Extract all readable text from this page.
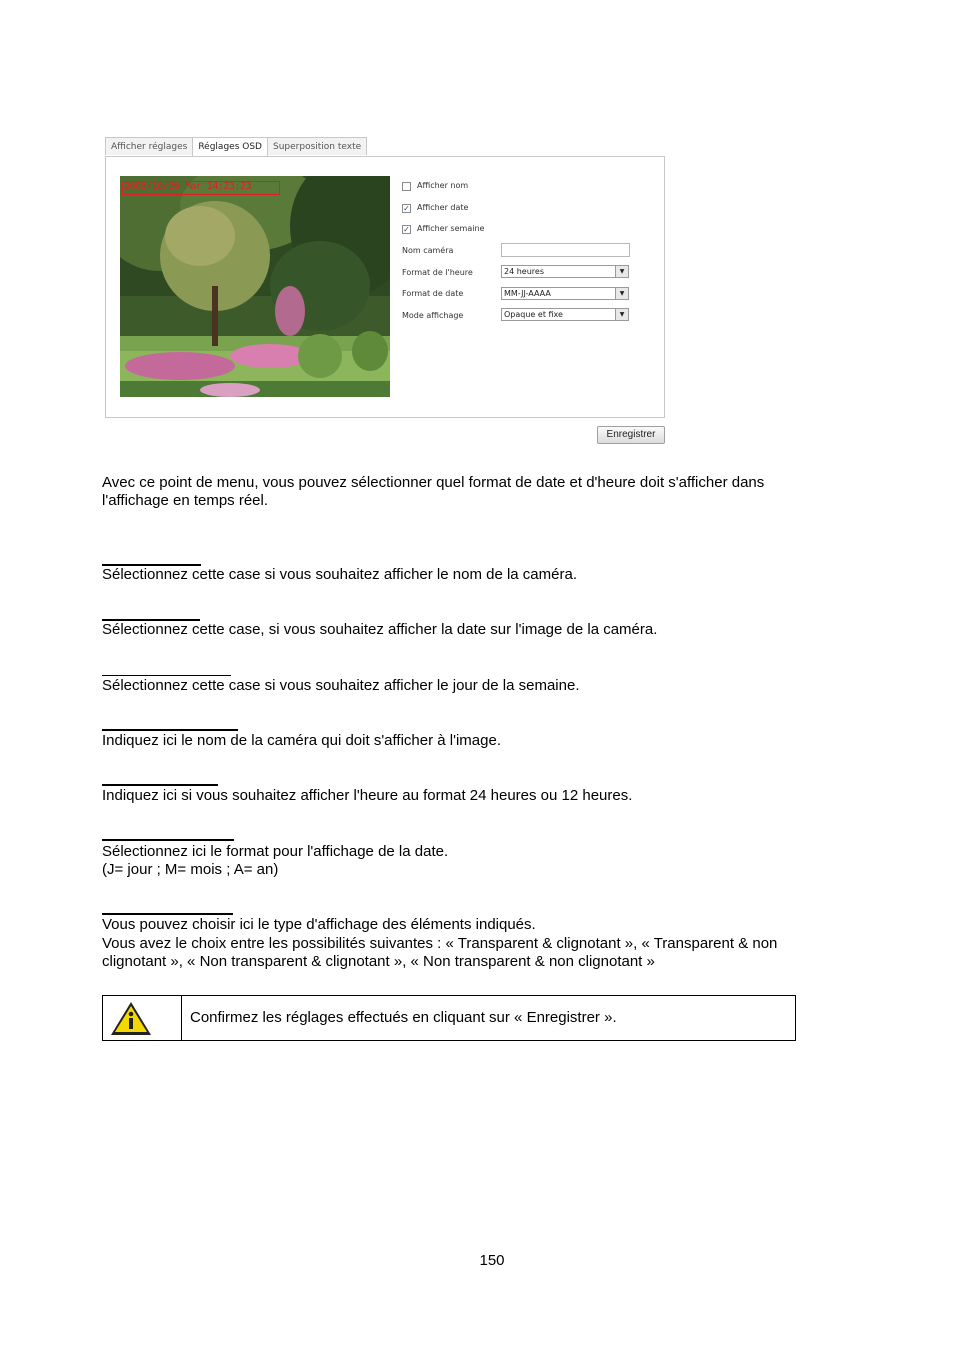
Afficher réglages	Réglages OSD	Superposition texte
2008/10/29 Mar 14:23:23	Afficher nom
✓ Afficher date
✓ Afficher semaine
Nom caméra
Format de l'heure	24 heures	▼
Format de date	MM-JJ-AAAA	▼
Mode affichage	Opaque et fixe	▼
Enregistrer
Avec ce point de menu, vous pouvez sélectionner quel format de date et d'heure doit s'afficher dans l'affichage en temps réel.
Sélectionnez cette case si vous souhaitez afficher le nom de la caméra.
Sélectionnez cette case, si vous souhaitez afficher la date sur l'image de la caméra.
Sélectionnez cette case si vous souhaitez afficher le jour de la semaine.
Indiquez ici le nom de la caméra qui doit s'afficher à l'image.
Indiquez ici si vous souhaitez afficher l'heure au format 24 heures ou 12 heures.
Sélectionnez ici le format pour l'affichage de la date.
(J= jour ; M= mois ; A= an)
Vous pouvez choisir ici le type d'affichage des éléments indiqués.
Vous avez le choix entre les possibilités suivantes : « Transparent & clignotant », « Transparent & non clignotant », « Non transparent & clignotant », « Non transparent & non clignotant »
Confirmez les réglages effectués en cliquant sur « Enregistrer ».
150
